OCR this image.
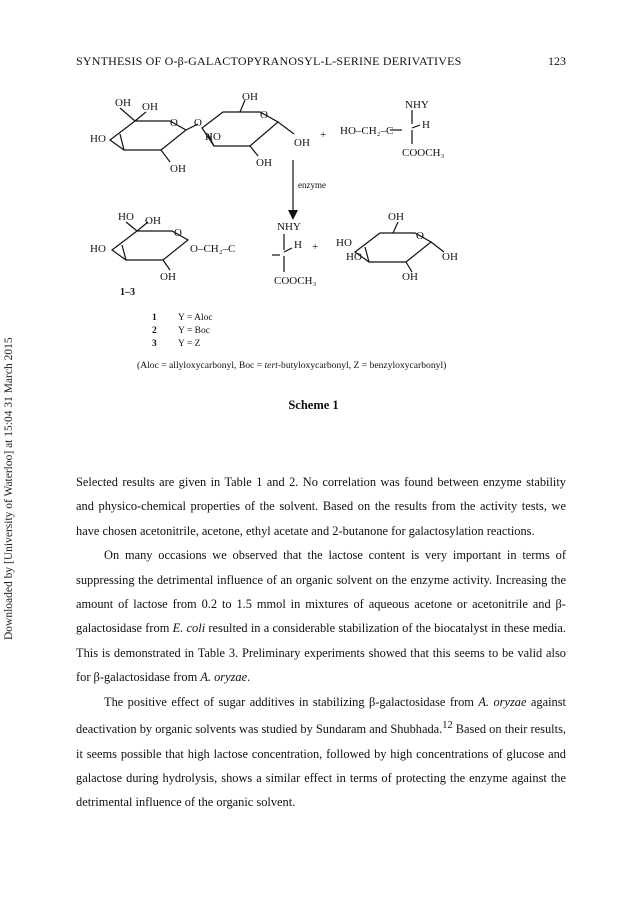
SYNTHESIS OF O-β-GALACTOPYRANOSYL-L-SERINE DERIVATIVES	123
Downloaded by [University of Waterloo] at 15:04 31 March 2015
OH OH
O
HO
OH
O
HO
OH
O
OH
OH
+ HO–CH₂–C
NHY
H
COOCH₃
enzyme
HO OH
O
HO
OH
O–CH₂–C
NHY
H +
COOCH₃
OH
O
HO
HO
OH
OH
1–3
1	Y = Aloc
2	Y = Boc
3	Y = Z
(Aloc = allyloxycarbonyl, Boc = tert-butyloxycarbonyl, Z = benzyloxycarbonyl)
Scheme 1

Selected results are given in Table 1 and 2. No correlation was found between enzyme stability and physico-chemical properties of the solvent. Based on the results from the activity tests, we have chosen acetonitrile, acetone, ethyl acetate and 2-butanone for galactosylation reactions.

On many occasions we observed that the lactose content is very important in terms of suppressing the detrimental influence of an organic solvent on the enzyme activity. Increasing the amount of lactose from 0.2 to 1.5 mmol in mixtures of aqueous acetone or acetonitrile and β-galactosidase from E. coli resulted in a considerable stabilization of the biocatalyst in these media. This is demonstrated in Table 3. Preliminary experiments showed that this seems to be valid also for β-galactosidase from A. oryzae.

The positive effect of sugar additives in stabilizing β-galactosidase from A. oryzae against deactivation by organic solvents was studied by Sundaram and Shubhada.$^{12}$ Based on their results, it seems possible that high lactose concentration, followed by high concentrations of glucose and galactose during hydrolysis, shows a similar effect in terms of protecting the enzyme against the detrimental influence of the organic solvent.
